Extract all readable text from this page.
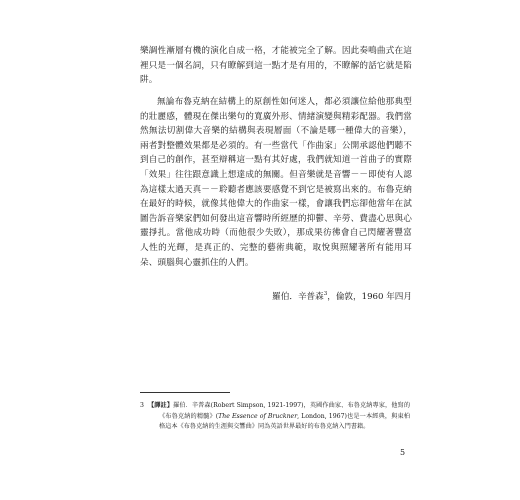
樂調性漸層有機的演化自成一格，才能被完全了解。因此奏鳴曲式在這裡只是一個名詞，只有瞭解到這一點才是有用的，不瞭解的話它就是陷阱。

無論布魯克納在結構上的原創性如何迷人，都必須讓位給他那典型的壯麗感，體現在傑出樂句的寬廣外形、情緒演變與精彩配器。我們當然無法切割偉大音樂的結構與表現層面（不論是哪一種偉大的音樂），兩者對整體效果都是必須的。有一些當代「作曲家」公開承認他們聽不到自己的創作，甚至辯稱這一點有其好處，我們就知道一首曲子的實際「效果」往往跟意識上想達成的無關。但音樂就是音響－－即使有人認為這樣太過天真－－聆聽者應該要感覺不到它是被寫出來的。布魯克納在最好的時候，就像其他偉大的作曲家一樣，會讓我們忘卻他當年在試圖告訴音樂家們如何發出這音響時所經歷的抑鬱、辛勞、費盡心思與心靈掙扎。當他成功時（而他很少失敗），那成果彷彿會自己閃耀著豐富人性的光輝，是真正的、完整的藝術典範，取悅與照耀著所有能用耳朵、頭腦與心靈抓住的人們。

羅伯．辛普森$^3$，倫敦，1960 年四月
3 【譯註】羅伯．辛普森(Robert Simpson, 1921-1997)，英國作曲家、布魯克納專家，他寫的《布魯克納的精髓》(The Essence of Bruckner, London, 1967)也是一本經典，與東柏格這本《布魯克納的生涯與交響曲》同為英語世界最好的布魯克納入門書籍。
5
